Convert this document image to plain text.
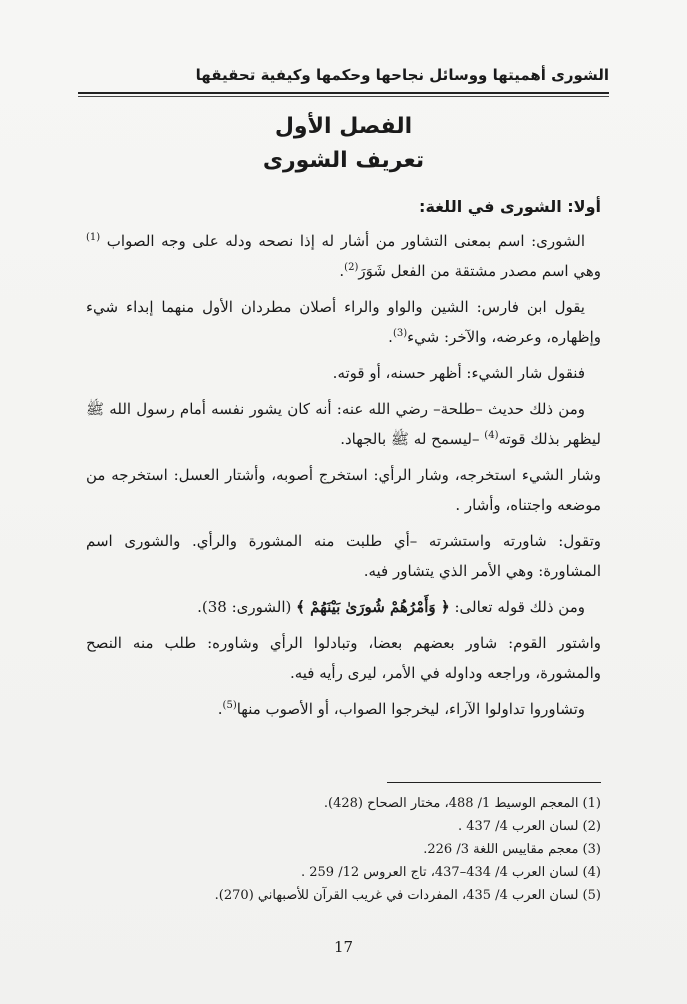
الشورى أهميتها ووسائل نجاحها وحكمها وكيفية تحقيقها
الفصل الأول
تعريف الشورى

أولا: الشورى في اللغة:

الشورى: اسم بمعنى التشاور من أشار له إذا نصحه ودله على وجه الصواب $^{(1)}$ وهي اسم مصدر مشتقة من الفعل شَوَرَ$^{(2)}$.

يقول ابن فارس: الشين والواو والراء أصلان مطردان الأول منهما إبداء شيء وإظهاره، وعرضه، والآخر: شيء$^{(3)}$.

فنقول شار الشيء: أظهر حسنه، أو قوته.

ومن ذلك حديث –طلحة– رضي الله عنه: أنه كان يشور نفسه أمام رسول الله ﷺ ليظهر بذلك قوته$^{(4)}$ –ليسمح له ﷺ بالجهاد.

وشار الشيء استخرجه، وشار الرأي: استخرج أصوبه، وأشتار العسل: استخرجه من موضعه واجتناه، وأشار .

وتقول: شاورته واستشرته –أي طلبت منه المشورة والرأي. والشورى اسم المشاورة: وهي الأمر الذي يتشاور فيه.

ومن ذلك قوله تعالى: ﴿ وَأَمْرُهُمْ شُورَىٰ بَيْنَهُمْ ﴾ (الشورى: 38).

واشتور القوم: شاور بعضهم بعضا، وتبادلوا الرأي وشاوره: طلب منه النصح والمشورة، وراجعه وداوله في الأمر، ليرى رأيه فيه.

وتشاوروا تداولوا الآراء، ليخرجوا الصواب، أو الأصوب منها$^{(5)}$.

(1) المعجم الوسيط 1/ 488، مختار الصحاح (428).
(2) لسان العرب 4/ 437 .
(3) معجم مقاييس اللغة 3/ 226.
(4) لسان العرب 4/ 434–437، تاج العروس 12/ 259 .
(5) لسان العرب 4/ 435، المفردات في غريب القرآن للأصبهاني (270).
17
